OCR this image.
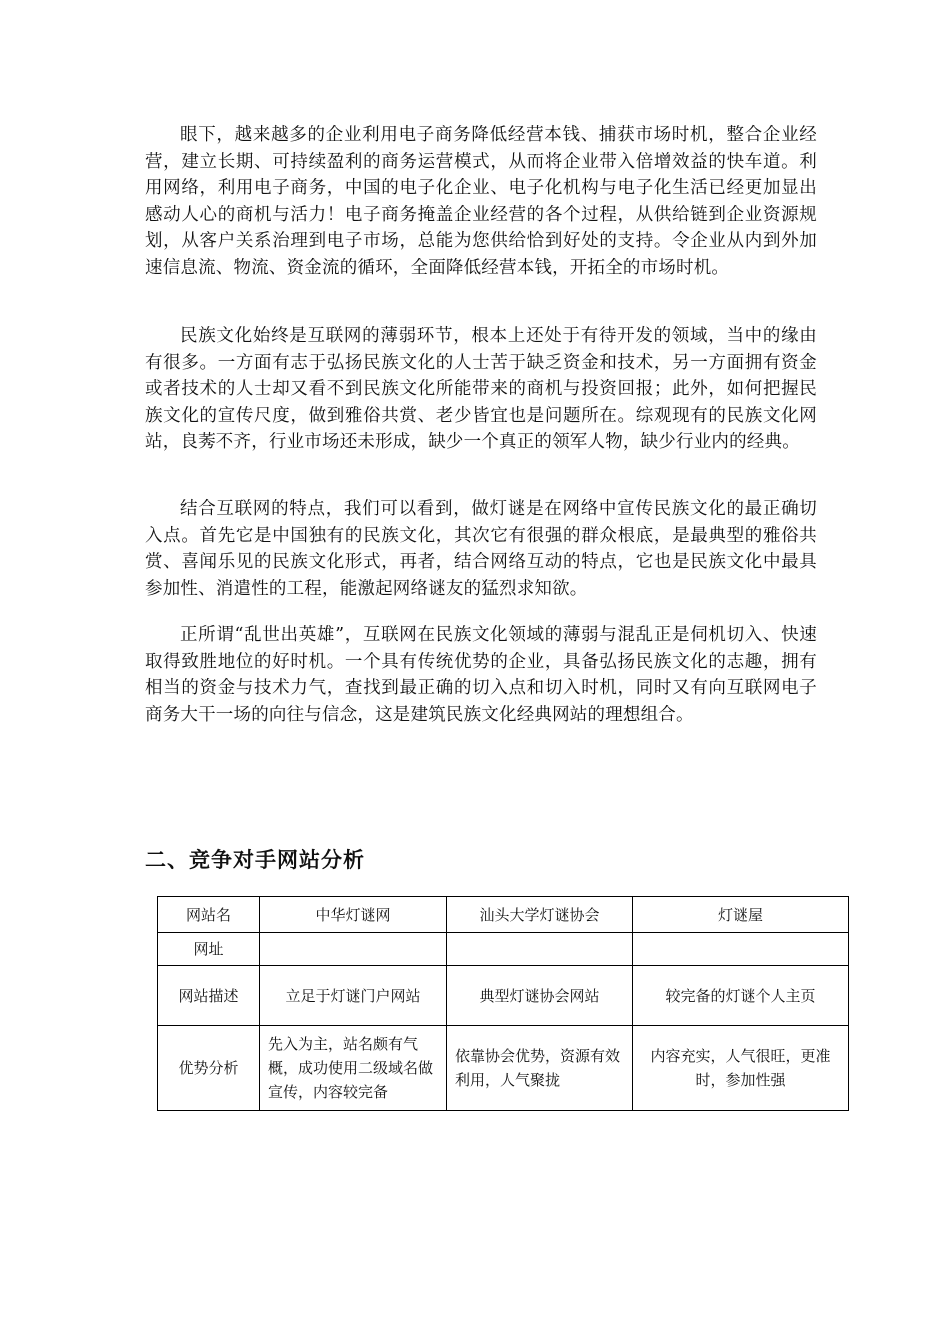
眼下，越来越多的企业利用电子商务降低经营本钱、捕获市场时机，整合企业经营，建立长期、可持续盈利的商务运营模式，从而将企业带入倍增效益的快车道。利用网络，利用电子商务，中国的电子化企业、电子化机构与电子化生活已经更加显出感动人心的商机与活力！电子商务掩盖企业经营的各个过程，从供给链到企业资源规划，从客户关系治理到电子市场，总能为您供给恰到好处的支持。令企业从内到外加速信息流、物流、资金流的循环，全面降低经营本钱，开拓全的市场时机。

民族文化始终是互联网的薄弱环节，根本上还处于有待开发的领域，当中的缘由有很多。一方面有志于弘扬民族文化的人士苦于缺乏资金和技术，另一方面拥有资金或者技术的人士却又看不到民族文化所能带来的商机与投资回报；此外，如何把握民族文化的宣传尺度，做到雅俗共赏、老少皆宜也是问题所在。综观现有的民族文化网站，良莠不齐，行业市场还未形成，缺少一个真正的领军人物，缺少行业内的经典。

结合互联网的特点，我们可以看到，做灯谜是在网络中宣传民族文化的最正确切入点。首先它是中国独有的民族文化，其次它有很强的群众根底，是最典型的雅俗共赏、喜闻乐见的民族文化形式，再者，结合网络互动的特点，它也是民族文化中最具参加性、消遣性的工程，能激起网络谜友的猛烈求知欲。

正所谓“乱世出英雄”，互联网在民族文化领域的薄弱与混乱正是伺机切入、快速取得致胜地位的好时机。一个具有传统优势的企业，具备弘扬民族文化的志趣，拥有相当的资金与技术力气，查找到最正确的切入点和切入时机，同时又有向互联网电子商务大干一场的向往与信念，这是建筑民族文化经典网站的理想组合。

二、竞争对手网站分析
网站名	中华灯谜网	汕头大学灯谜协会	灯谜屋
网址			
网站描述	立足于灯谜门户网站	典型灯谜协会网站	较完备的灯谜个人主页
优势分析	先入为主，站名颇有气概，成功使用二级域名做宣传，内容较完备	依靠协会优势，资源有效利用，人气聚拢	内容充实，人气很旺，更准时，参加性强
